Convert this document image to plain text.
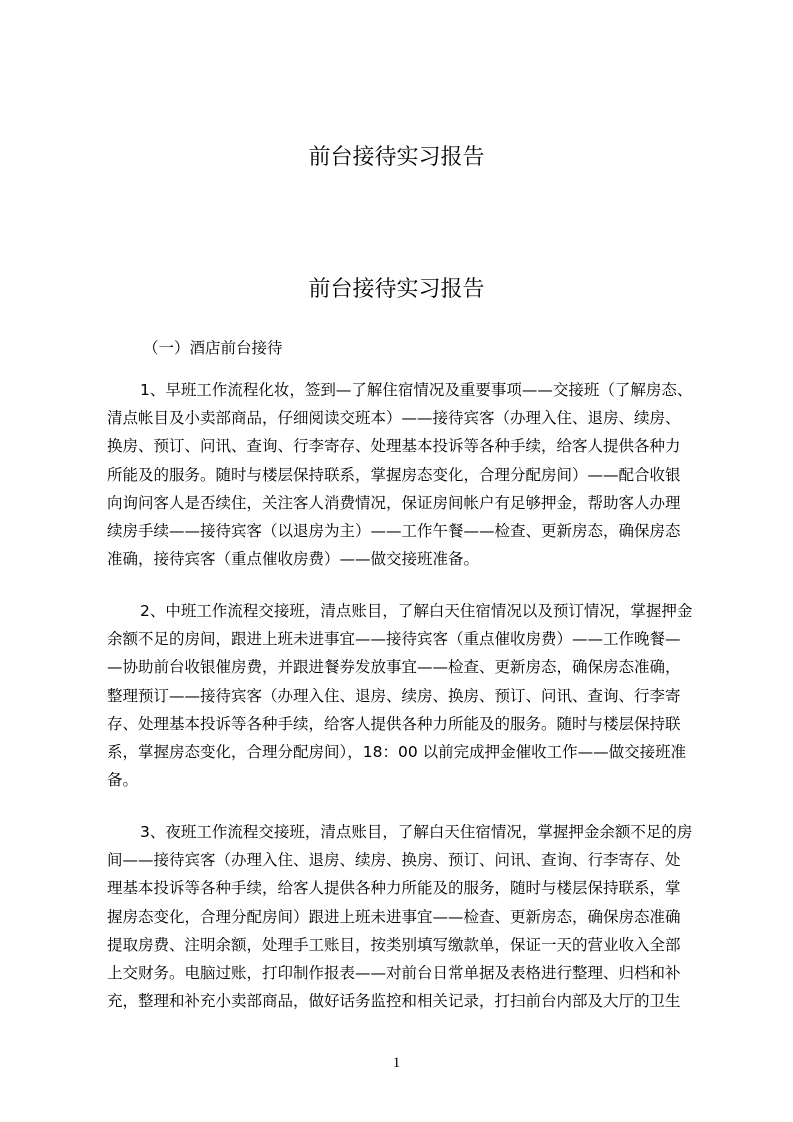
前台接待实习报告
前台接待实习报告
（一）酒店前台接待
1、早班工作流程化妆，签到—了解住宿情况及重要事项——交接班（了解房态、
清点帐目及小卖部商品，仔细阅读交班本）——接待宾客（办理入住、退房、续房、
换房、预订、问讯、查询、行李寄存、处理基本投诉等各种手续，给客人提供各种力
所能及的服务。随时与楼层保持联系，掌握房态变化，合理分配房间）——配合收银
向询问客人是否续住，关注客人消费情况，保证房间帐户有足够押金，帮助客人办理
续房手续——接待宾客（以退房为主）——工作午餐——检查、更新房态，确保房态
准确，接待宾客（重点催收房费）——做交接班准备。
2、中班工作流程交接班，清点账目，了解白天住宿情况以及预订情况，掌握押金
余额不足的房间，跟进上班未进事宜——接待宾客（重点催收房费）——工作晚餐—
—协助前台收银催房费，并跟进餐券发放事宜——检查、更新房态，确保房态准确，
整理预订——接待宾客（办理入住、退房、续房、换房、预订、问讯、查询、行李寄
存、处理基本投诉等各种手续，给客人提供各种力所能及的服务。随时与楼层保持联
系，掌握房态变化，合理分配房间），18：00 以前完成押金催收工作——做交接班准
备。
3、夜班工作流程交接班，清点账目，了解白天住宿情况，掌握押金余额不足的房
间——接待宾客（办理入住、退房、续房、换房、预订、问讯、查询、行李寄存、处
理基本投诉等各种手续，给客人提供各种力所能及的服务，随时与楼层保持联系，掌
握房态变化，合理分配房间）跟进上班未进事宜——检查、更新房态，确保房态准确
提取房费、注明余额，处理手工账目，按类别填写缴款单，保证一天的营业收入全部
上交财务。电脑过账，打印制作报表——对前台日常单据及表格进行整理、归档和补
充，整理和补充小卖部商品，做好话务监控和相关记录，打扫前台内部及大厅的卫生
1
